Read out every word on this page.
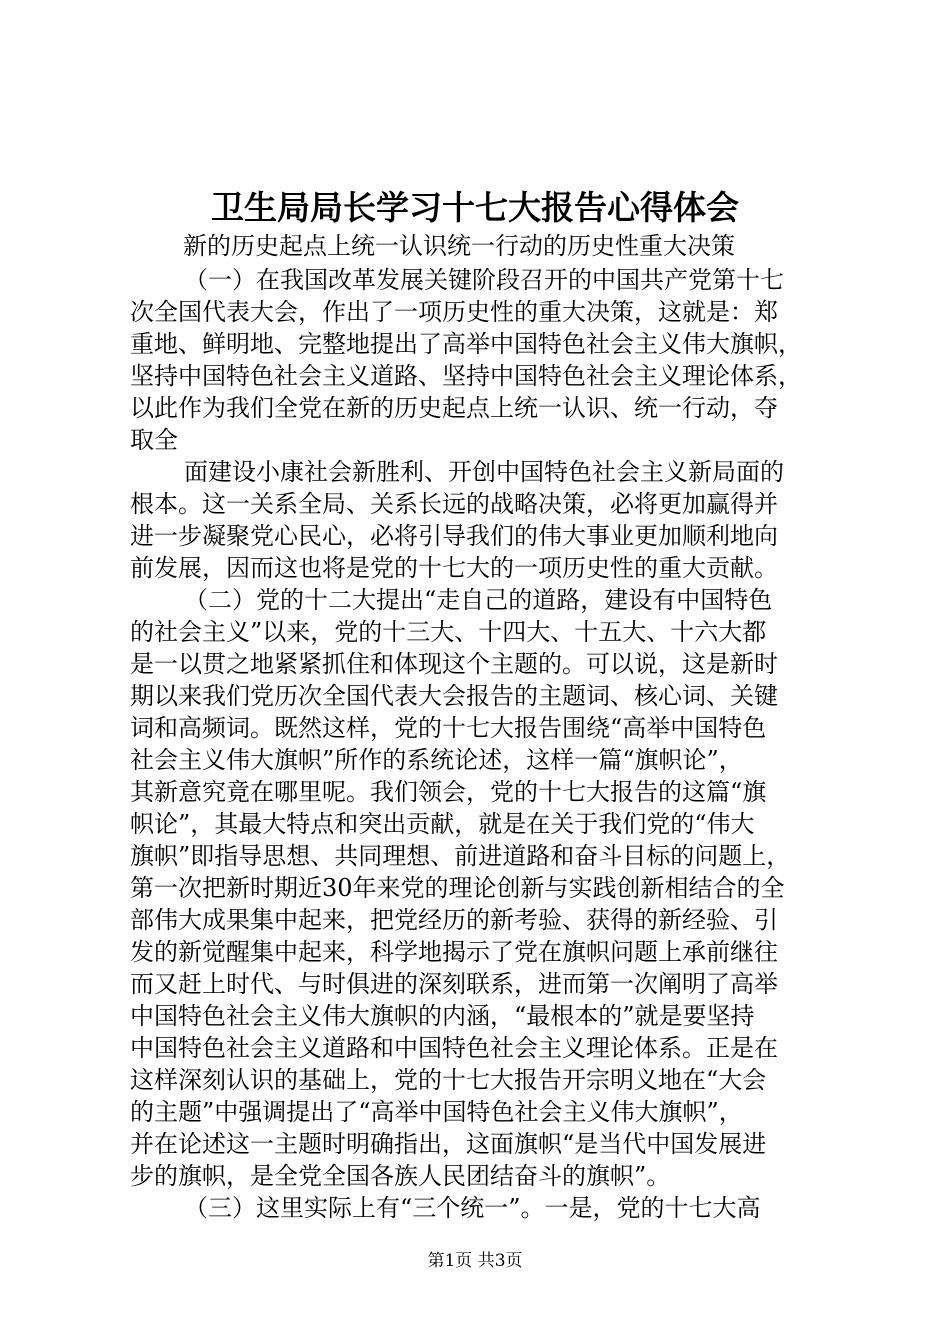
卫生局局长学习十七大报告心得体会
新的历史起点上统一认识统一行动的历史性重大决策
（一）在我国改革发展关键阶段召开的中国共产党第十七
次全国代表大会，作出了一项历史性的重大决策，这就是：郑
重地、鲜明地、完整地提出了高举中国特色社会主义伟大旗帜，
坚持中国特色社会主义道路、坚持中国特色社会主义理论体系，
以此作为我们全党在新的历史起点上统一认识、统一行动，夺
取全
面建设小康社会新胜利、开创中国特色社会主义新局面的
根本。这一关系全局、关系长远的战略决策，必将更加赢得并
进一步凝聚党心民心，必将引导我们的伟大事业更加顺利地向
前发展，因而这也将是党的十七大的一项历史性的重大贡献。
（二）党的十二大提出“走自己的道路，建设有中国特色
的社会主义”以来，党的十三大、十四大、十五大、十六大都
是一以贯之地紧紧抓住和体现这个主题的。可以说，这是新时
期以来我们党历次全国代表大会报告的主题词、核心词、关键
词和高频词。既然这样，党的十七大报告围绕“高举中国特色
社会主义伟大旗帜”所作的系统论述，这样一篇“旗帜论”，
其新意究竟在哪里呢。我们领会，党的十七大报告的这篇“旗
帜论”，其最大特点和突出贡献，就是在关于我们党的“伟大
旗帜”即指导思想、共同理想、前进道路和奋斗目标的问题上，
第一次把新时期近30年来党的理论创新与实践创新相结合的全
部伟大成果集中起来，把党经历的新考验、获得的新经验、引
发的新觉醒集中起来，科学地揭示了党在旗帜问题上承前继往
而又赶上时代、与时俱进的深刻联系，进而第一次阐明了高举
中国特色社会主义伟大旗帜的内涵，“最根本的”就是要坚持
中国特色社会主义道路和中国特色社会主义理论体系。正是在
这样深刻认识的基础上，党的十七大报告开宗明义地在“大会
的主题”中强调提出了“高举中国特色社会主义伟大旗帜”，
并在论述这一主题时明确指出，这面旗帜“是当代中国发展进
步的旗帜，是全党全国各族人民团结奋斗的旗帜”。
（三）这里实际上有“三个统一”。一是，党的十七大高
第1页 共3页
